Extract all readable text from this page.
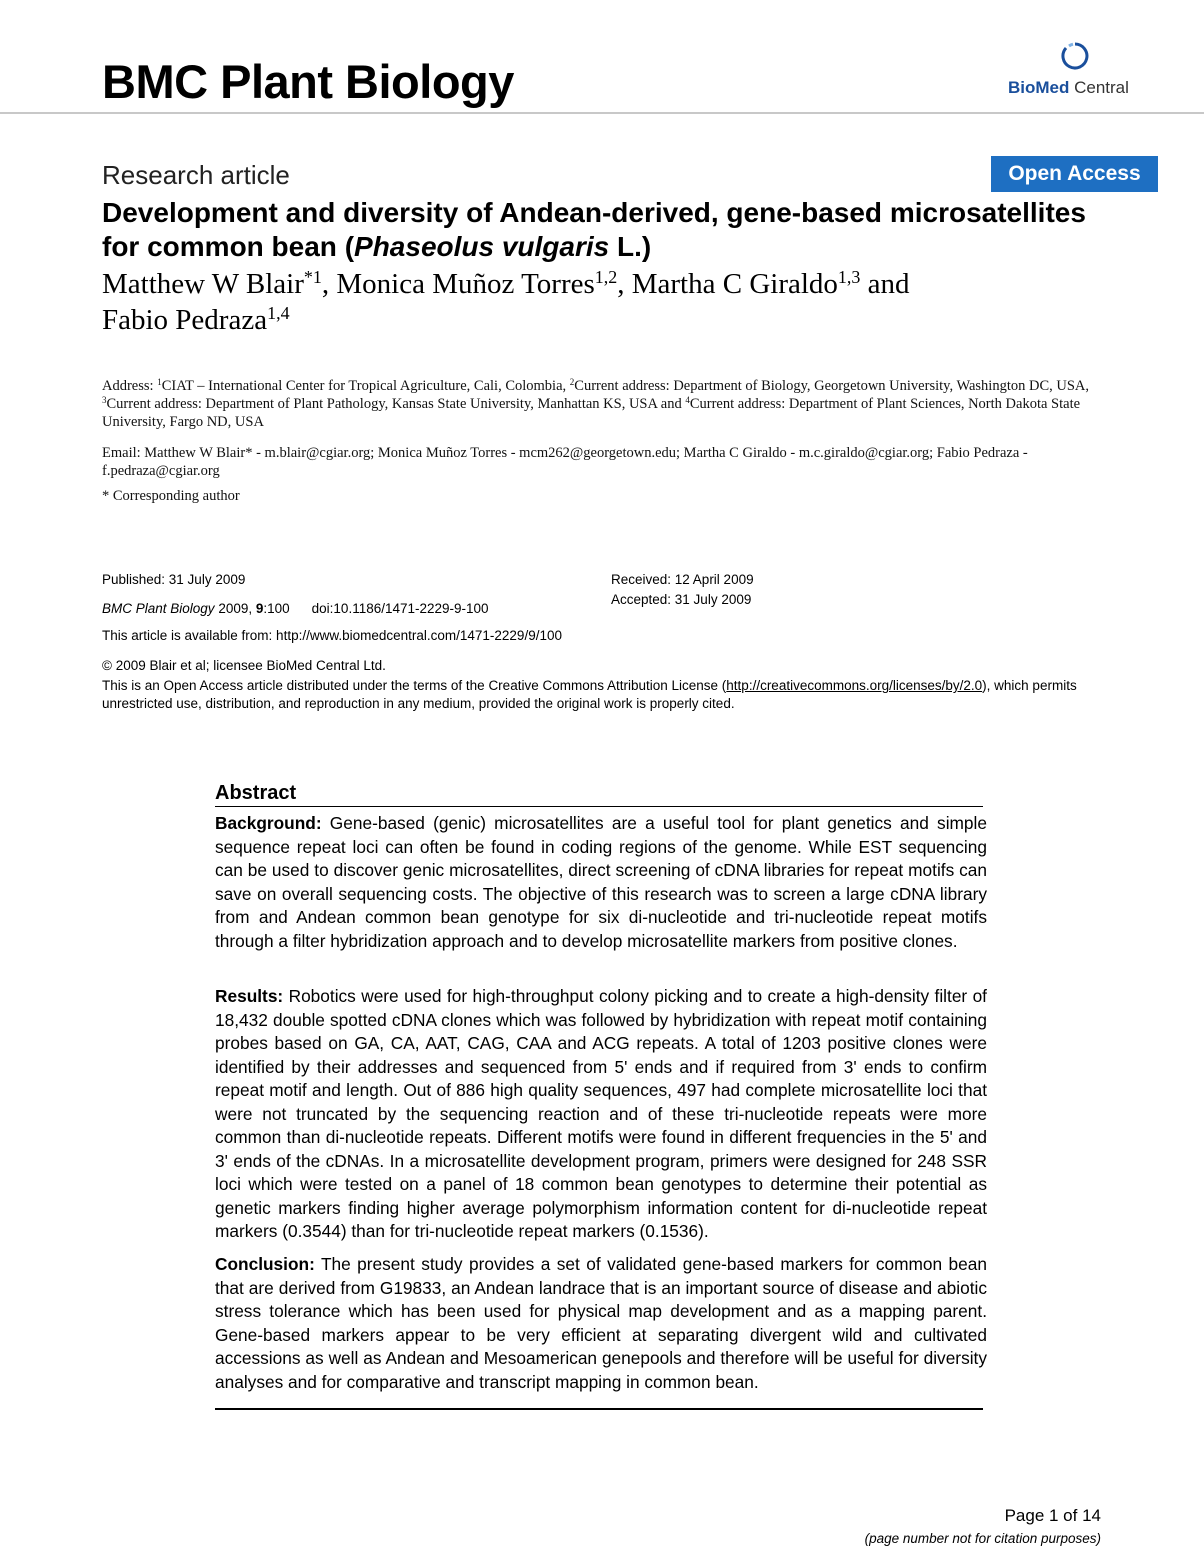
BMC Plant Biology	BioMed Central
Research article	Open Access
Development and diversity of Andean-derived, gene-based microsatellites for common bean (Phaseolus vulgaris L.)
Matthew W Blair$^{*1}$, Monica Muñoz Torres$^{1,2}$, Martha C Giraldo$^{1,3}$ and
Fabio Pedraza$^{1,4}$
Address: $^1$CIAT – International Center for Tropical Agriculture, Cali, Colombia, $^2$Current address: Department of Biology, Georgetown University, Washington DC, USA, $^3$Current address: Department of Plant Pathology, Kansas State University, Manhattan KS, USA and $^4$Current address: Department of Plant Sciences, North Dakota State University, Fargo ND, USA
Email: Matthew W Blair* - m.blair@cgiar.org; Monica Muñoz Torres - mcm262@georgetown.edu; Martha C Giraldo - m.c.giraldo@cgiar.org; Fabio Pedraza - f.pedraza@cgiar.org
* Corresponding author
Published: 31 July 2009
BMC Plant Biology 2009, 9:100 doi:10.1186/1471-2229-9-100
Received: 12 April 2009
Accepted: 31 July 2009
This article is available from: http://www.biomedcentral.com/1471-2229/9/100
© 2009 Blair et al; licensee BioMed Central Ltd.
This is an Open Access article distributed under the terms of the Creative Commons Attribution License (http://creativecommons.org/licenses/by/2.0), which permits unrestricted use, distribution, and reproduction in any medium, provided the original work is properly cited.
Abstract
Background: Gene-based (genic) microsatellites are a useful tool for plant genetics and simple sequence repeat loci can often be found in coding regions of the genome. While EST sequencing can be used to discover genic microsatellites, direct screening of cDNA libraries for repeat motifs can save on overall sequencing costs. The objective of this research was to screen a large cDNA library from and Andean common bean genotype for six di-nucleotide and tri-nucleotide repeat motifs through a filter hybridization approach and to develop microsatellite markers from positive clones.
Results: Robotics were used for high-throughput colony picking and to create a high-density filter of 18,432 double spotted cDNA clones which was followed by hybridization with repeat motif containing probes based on GA, CA, AAT, CAG, CAA and ACG repeats. A total of 1203 positive clones were identified by their addresses and sequenced from 5' ends and if required from 3' ends to confirm repeat motif and length. Out of 886 high quality sequences, 497 had complete microsatellite loci that were not truncated by the sequencing reaction and of these tri-nucleotide repeats were more common than di-nucleotide repeats. Different motifs were found in different frequencies in the 5' and 3' ends of the cDNAs. In a microsatellite development program, primers were designed for 248 SSR loci which were tested on a panel of 18 common bean genotypes to determine their potential as genetic markers finding higher average polymorphism information content for di-nucleotide repeat markers (0.3544) than for tri-nucleotide repeat markers (0.1536).
Conclusion: The present study provides a set of validated gene-based markers for common bean that are derived from G19833, an Andean landrace that is an important source of disease and abiotic stress tolerance which has been used for physical map development and as a mapping parent. Gene-based markers appear to be very efficient at separating divergent wild and cultivated accessions as well as Andean and Mesoamerican genepools and therefore will be useful for diversity analyses and for comparative and transcript mapping in common bean.
Page 1 of 14
(page number not for citation purposes)
